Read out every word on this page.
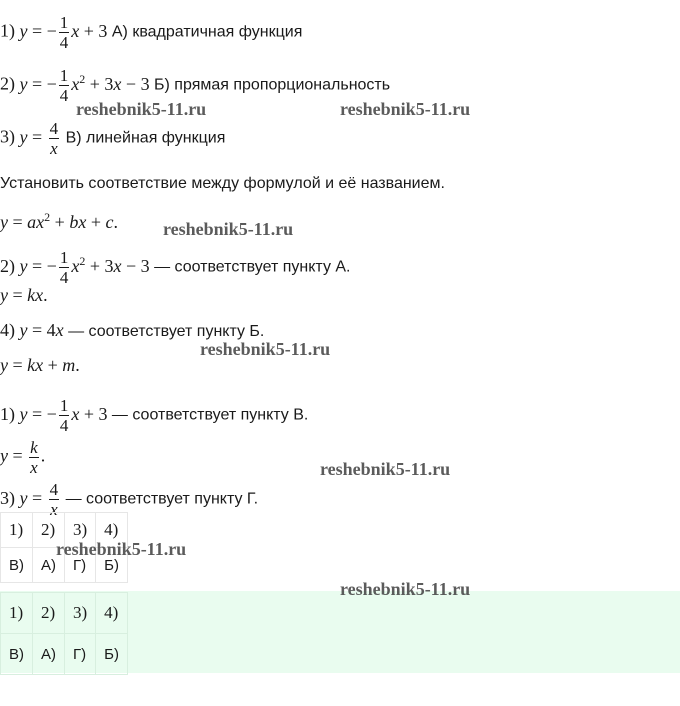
1) y = − $\frac{1}{4}$ x + 3 А) квадратичная функция
2) y = − $\frac{1}{4} x^2 + 3x - 3$ Б) прямая пропорциональность
3) $y = \frac{4}{x} В$) линейная функция
Установить соответствие между формулой и её названием.
$y = ax^2$ + bx + c.
2) y = − $\frac{1}{4} x^2 + 3x - 3$ — соответствует пункту А.
y = kx.
4) y = 4x — соответствует пункту Б.
y = kx + m.
1) y = − $\frac{1}{4}$ x + 3 — соответствует пункту В.
$y = \frac{k}{x}$ .
3) $y = \frac{4}{x}$ — соответствует пункту Г.
1)	2)	3)	4)
В)	А)	Г)	Б)
1)	2)	3)	4)
В)	А)	Г)	Б)
reshebnik5-11.ru	reshebnik5-11.ru
reshebnik5-11.ru
reshebnik5-11.ru
reshebnik5-11.ru
reshebnik5-11.ru
reshebnik5-11.ru
